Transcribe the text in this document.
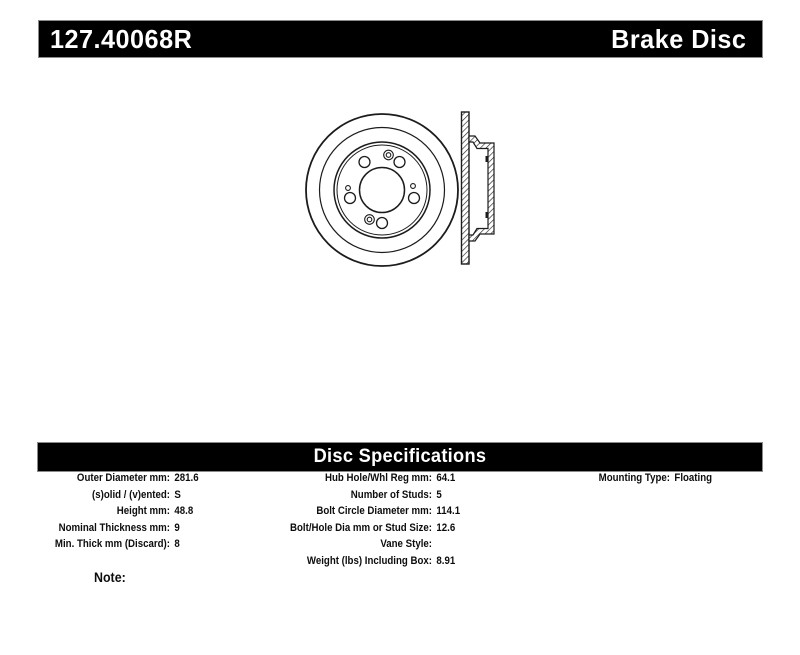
127.40068R	Brake Disc
Disc Specifications
Outer Diameter mm: 281.6
(s)olid / (v)ented: S
Height mm: 48.8
Nominal Thickness mm: 9
Min. Thick mm (Discard): 8
Hub Hole/Whl Reg mm: 64.1
Number of Studs: 5
Bolt Circle Diameter mm: 114.1
Bolt/Hole Dia mm or Stud Size: 12.6
Vane Style:
Weight (lbs) Including Box: 8.91
Mounting Type: Floating
Note:
